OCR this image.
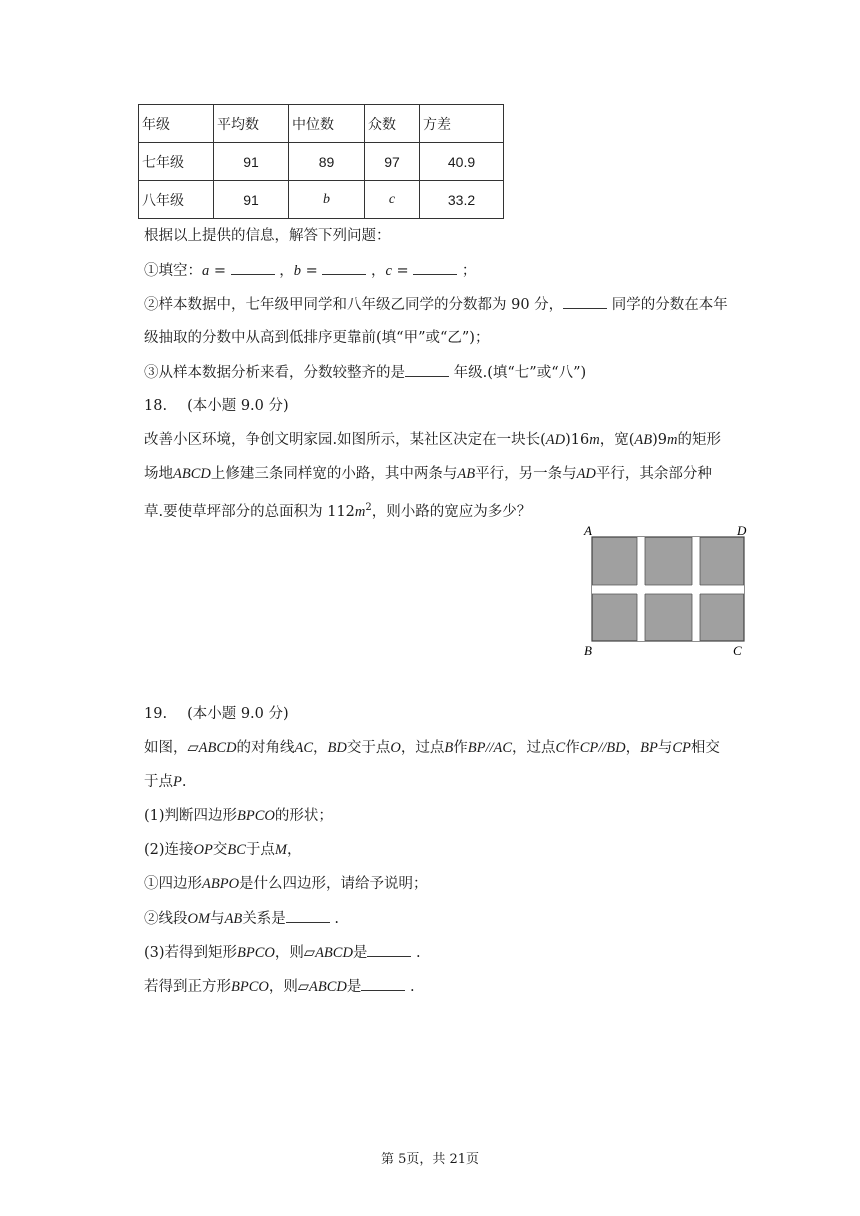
年级	平均数	中位数	众数	方差
七年级	91	89	97	40.9
八年级	91	b	c	33.2
根据以上提供的信息，解答下列问题：
①填空：a =	，b =	，c =	；
②样本数据中，七年级甲同学和八年级乙同学的分数都为 90 分，	同学的分数在本年
级抽取的分数中从高到低排序更靠前(填“甲”或“乙”)；
③从样本数据分析来看，分数较整齐的是	年级.(填“七”或“八”)
18. (本小题 9.0 分)
改善小区环境，争创文明家园.如图所示，某社区决定在一块长(AD)16m，宽(AB)9m的矩形
场地ABCD上修建三条同样宽的小路，其中两条与AB平行，另一条与AD平行，其余部分种
草.要使草坪部分的总面积为 $112m^2$，则小路的宽应为多少？
A	D
B	C
19. (本小题 9.0 分)
如图，▱ABCD的对角线AC，BD交于点O，过点B作BP//AC，过点C作CP//BD，BP与CP相交
于点P.
(1)判断四边形BPCO的形状；
(2)连接OP交BC于点M，
①四边形ABPO是什么四边形，请给予说明；
②线段OM与AB关系是	.
(3)若得到矩形BPCO，则▱ABCD是	.
若得到正方形BPCO，则▱ABCD是	.
第 5页，共 21页
